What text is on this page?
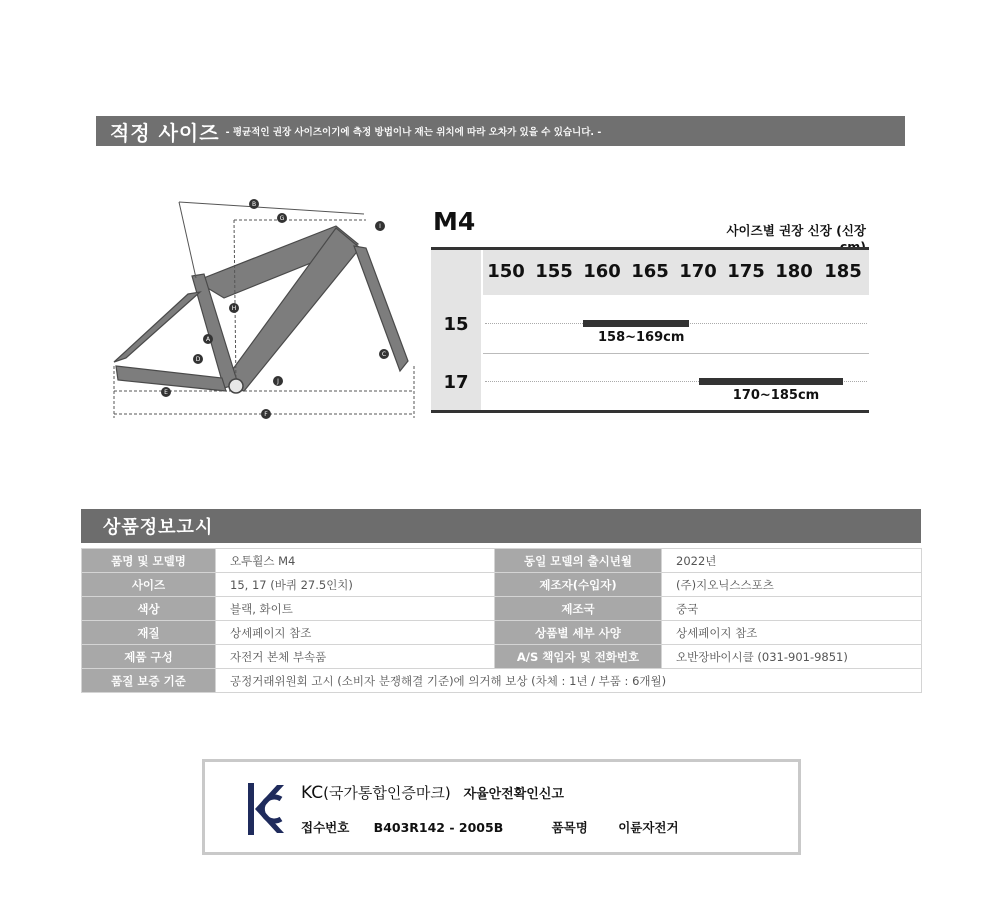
적정 사이즈 - 평균적인 권장 사이즈이기에 측정 방법이나 재는 위치에 따라 오차가 있을 수 있습니다. -
B
G
I
H
A
D
C
J
E
F
M4	사이즈별 권장 신장 (신장
150 155 160 165 170 175 180 185
15
158~169cm
17
170~185cm
상품정보고시
품명 및 모델명	오투휠스 M4	동일 모델의 출시년월	2022년
사이즈	15, 17 (바퀴 27.5인치)	제조자(수입자)	(주)지오닉스스포츠
색상	블랙, 화이트	제조국	중국
재질	상세페이지 참조	상품별 세부 사양	상세페이지 참조
제품 구성	자전거 본체 부속품	A/S 책임자 및 전화번호	오반장바이시클 (031-901-9851)
품질 보증 기준	공정거래위원회 고시 (소비자 분쟁해결 기준)에 의거해 보상 (차체 : 1년 / 부품 : 6개월)		
KC(국가통합인증마크) 자율안전확인신고
접수번호 B403R142 - 2005B	품목명 이륜자전거
